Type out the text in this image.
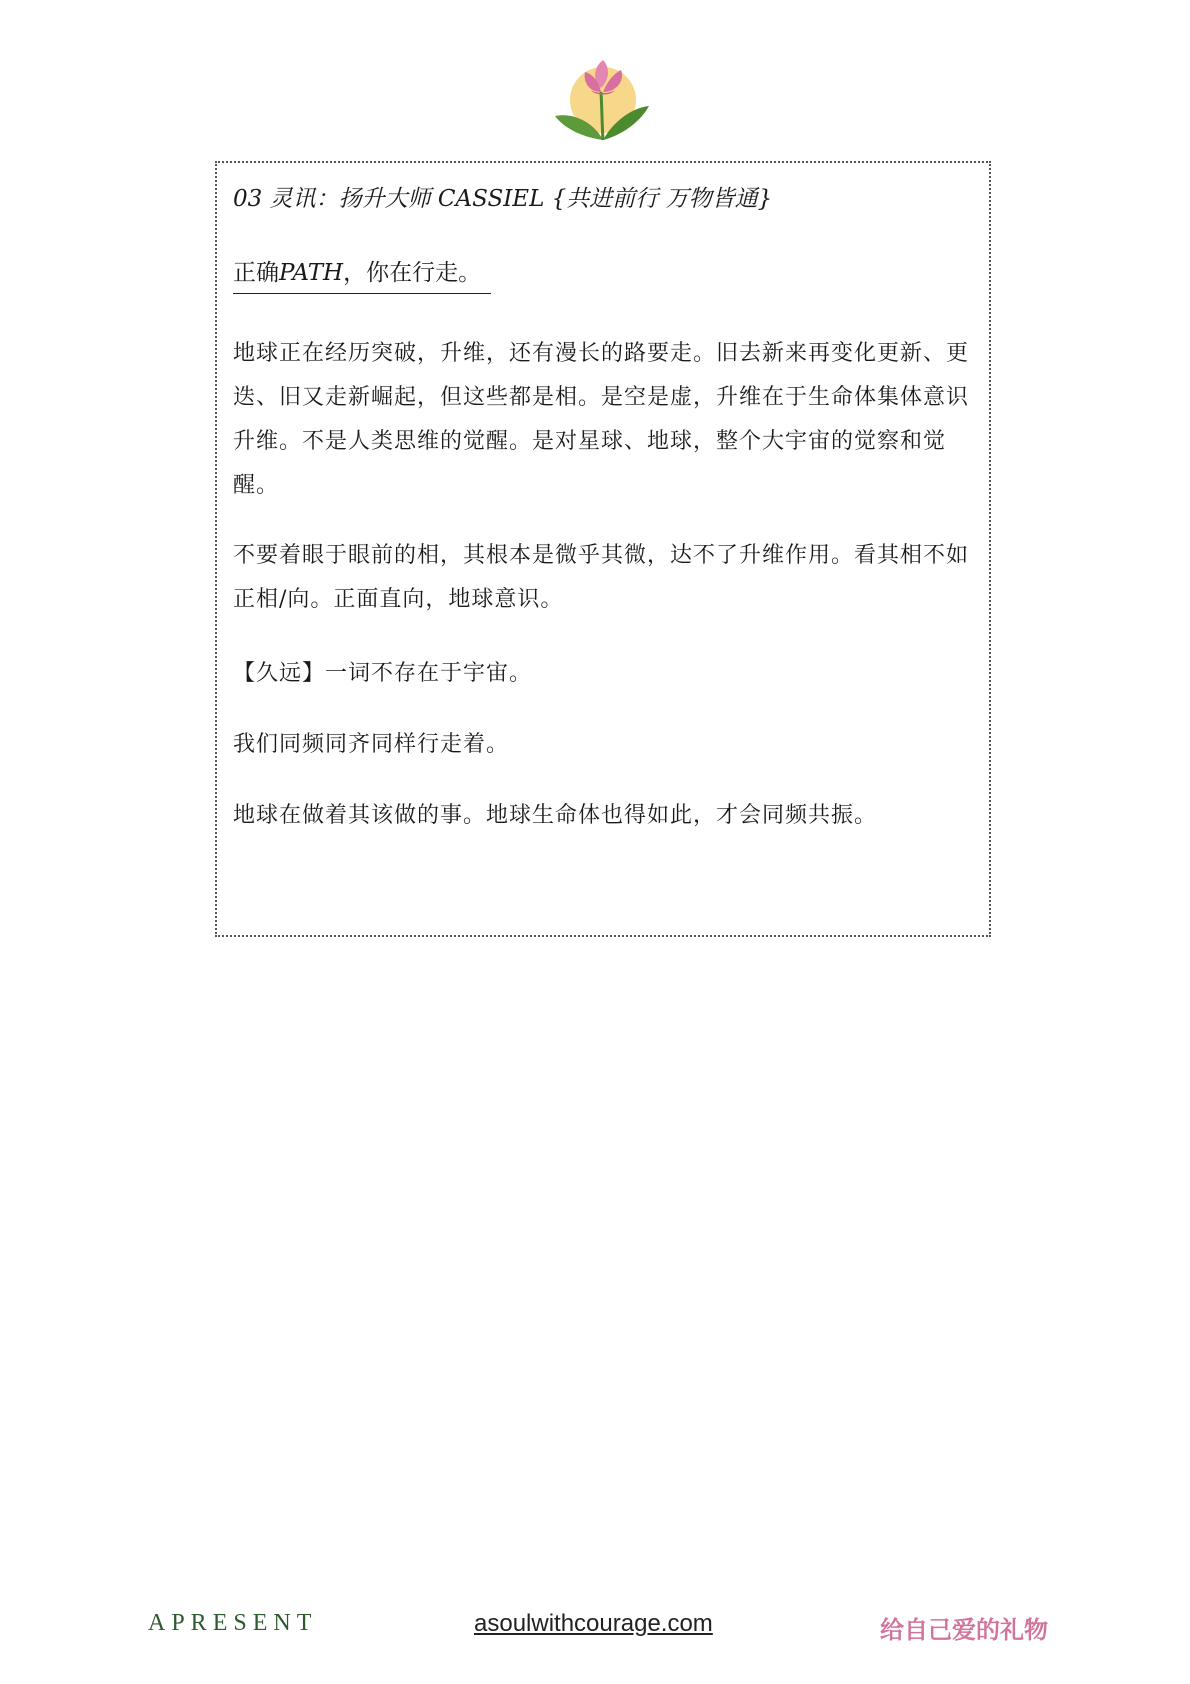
03 灵讯：扬升大师 CASSIEL {共进前行 万物皆通}

正确PATH，你在行走。

地球正在经历突破，升维，还有漫长的路要走。旧去新来再变化更新、更迭、旧又走新崛起，但这些都是相。是空是虚，升维在于生命体集体意识升维。不是人类思维的觉醒。是对星球、地球，整个大宇宙的觉察和觉醒。

不要着眼于眼前的相，其根本是微乎其微，达不了升维作用。看其相不如正相/向。正面直向，地球意识。

【久远】一词不存在于宇宙。

我们同频同齐同样行走着。

地球在做着其该做的事。地球生命体也得如此，才会同频共振。

APRESENT	asoulwithcourage.com	给自己爱的礼物
